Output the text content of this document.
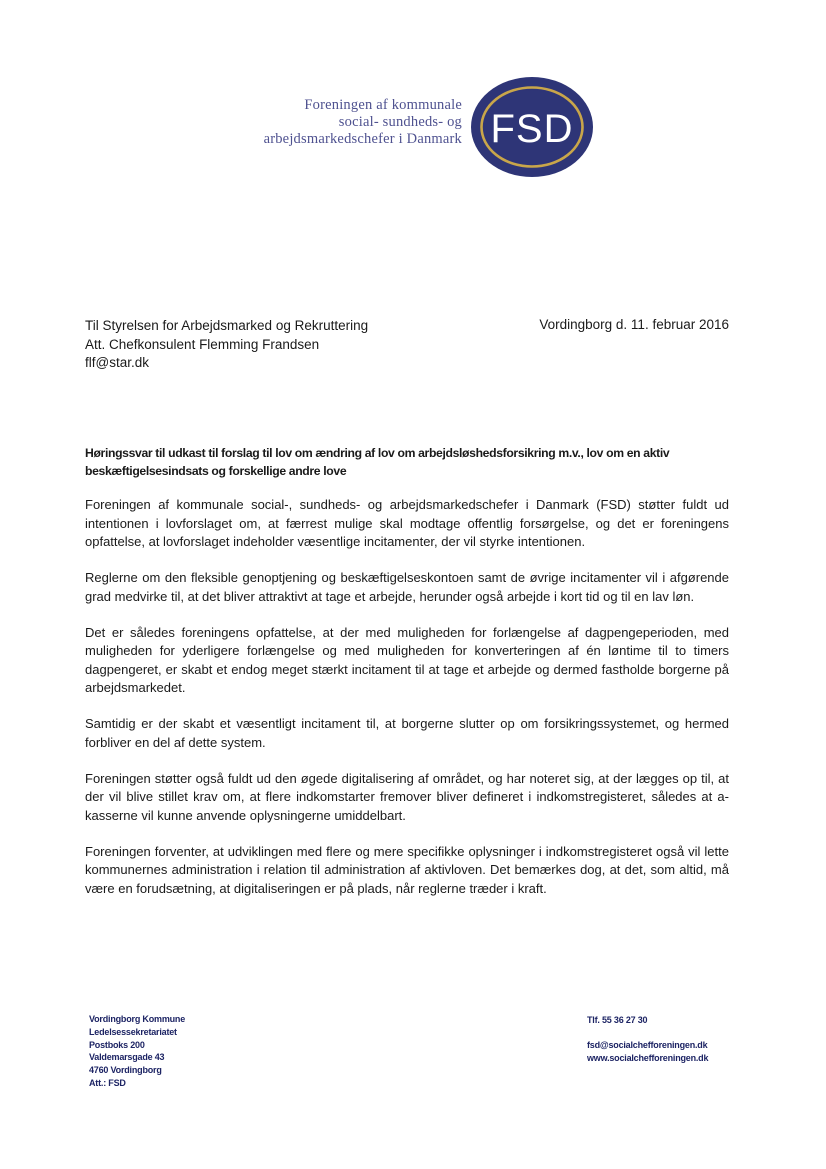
Foreningen af kommunale
social- sundheds- og
arbejdsmarkedschefer i Danmark FSD
Til Styrelsen for Arbejdsmarked og Rekruttering
Att. Chefkonsulent Flemming Frandsen
flf@star.dk
Vordingborg d. 11. februar 2016
Høringssvar til udkast til forslag til lov om ændring af lov om arbejdsløshedsforsikring m.v., lov om en aktiv beskæftigelsesindsats og forskellige andre love

Foreningen af kommunale social-, sundheds- og arbejdsmarkedschefer i Danmark (FSD) støtter fuldt ud intentionen i lovforslaget om, at færrest mulige skal modtage offentlig forsørgelse, og det er foreningens opfattelse, at lovforslaget indeholder væsentlige incitamenter, der vil styrke intentionen.

Reglerne om den fleksible genoptjening og beskæftigelseskontoen samt de øvrige incitamenter vil i afgørende grad medvirke til, at det bliver attraktivt at tage et arbejde, herunder også arbejde i kort tid og til en lav løn.

Det er således foreningens opfattelse, at der med muligheden for forlængelse af dagpengeperioden, med muligheden for yderligere forlængelse og med muligheden for konverteringen af én løntime til to timers dagpengeret, er skabt et endog meget stærkt incitament til at tage et arbejde og dermed fastholde borgerne på arbejdsmarkedet.

Samtidig er der skabt et væsentligt incitament til, at borgerne slutter op om forsikringssystemet, og hermed forbliver en del af dette system.

Foreningen støtter også fuldt ud den øgede digitalisering af området, og har noteret sig, at der lægges op til, at der vil blive stillet krav om, at flere indkomstarter fremover bliver defineret i indkomstregisteret, således at a-kasserne vil kunne anvende oplysningerne umiddelbart.

Foreningen forventer, at udviklingen med flere og mere specifikke oplysninger i indkomstregisteret også vil lette kommunernes administration i relation til administration af aktivloven. Det bemærkes dog, at det, som altid, må være en forudsætning, at digitaliseringen er på plads, når reglerne træder i kraft.

Vordingborg Kommune
Ledelsessekretariatet
Postboks 200
Valdemarsgade 43
4760 Vordingborg
Att.: FSD
Tlf. 55 36 27 30
fsd@socialchefforeningen.dk
www.socialchefforeningen.dk
